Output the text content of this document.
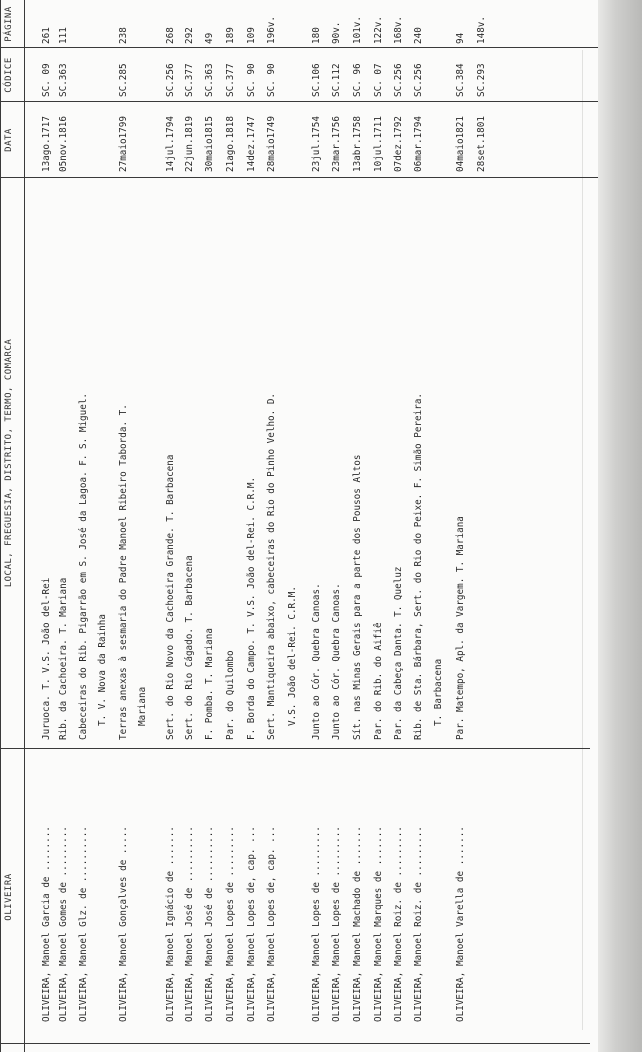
OLIVEIRA
LOCAL, FREGUESIA, DISTRITO, TERMO, COMARCA
DATA
CÓDICE
PÁGINA
OLIVEIRA, Manoel Garcia de ........
Juruoca. T. V.S. João del-Rei
13ago.1717
SC. 09
261
OLIVEIRA, Manoel Gomes de .........
Rib. da Cachoeira. T. Mariana
05nov.1816
SC.363
111
OLIVEIRA, Manoel Glz. de ..........
Cabeceiras do Rib. Pigarrão em S. José da Lagoa. F. S. Miguel. T. V. Nova da Rainha
OLIVEIRA, Manoel Gonçalves de .....
Terras anexas à sesmaria do Padre Manoel Ribeiro Taborda. T.
27maio1799
SC.285
238
Mariana
OLIVEIRA, Manoel Ignácio de .......
Sert. do Rio Novo da Cachoeira Grande. T. Barbacena
14jul.1794
SC.256
268
OLIVEIRA, Manoel José de ..........
Sert. do Rio Cágado. T. Barbacena
22jun.1819
SC.377
292
OLIVEIRA, Manoel José de ..........
F. Pomba. T. Mariana
30maio1815
SC.363
49
OLIVEIRA, Manoel Lopes de .........
Par. do Quilombo
21ago.1818
SC.377
189
OLIVEIRA, Manoel Lopes de, cap. ...
F. Borda do Campo. T. V.S. João del-Rei. C.R.M.
14dez.1747
SC. 90
109
OLIVEIRA, Manoel Lopes de, cap. ...
Sert. Mantiqueira abaixo, cabeceiras do Rio do Pinho Velho. D.
28maio1749
SC. 90
196v.
V.S. João del-Rei. C.R.M.
OLIVEIRA, Manoel Lopes de .........
Junto ao Cór. Quebra Canoas.
23jul.1754
SC.106
180
OLIVEIRA, Manoel Lopes de .........
Junto ao Cór. Quebra Canoas.
23mar.1756
SC.112
90v.
OLIVEIRA, Manoel Machado de .......
Sít. nas Minas Gerais para a parte dos Pousos Altos
13abr.1758
SC. 96
101v.
OLIVEIRA, Manoel Marques de .......
Par. do Rib. do Aifiê
10jul.1711
SC. 07
122v.
OLIVEIRA, Manoel Roiz. de .........
Par. da Cabeça Danta. T. Queluz
07dez.1792
SC.256
168v.
OLIVEIRA, Manoel Roiz. de .........
Rib. de Sta. Bárbara, Sert. do Rio do Peixe. F. Simão Pereira.
06mar.1794
SC.256
240
T. Barbacena
OLIVEIRA, Manoel Varella de .......
Par. Matempo, Apl. da Vargem. T. Mariana
04maio1821
SC.384
94
28set.1801
SC.293
148v.
